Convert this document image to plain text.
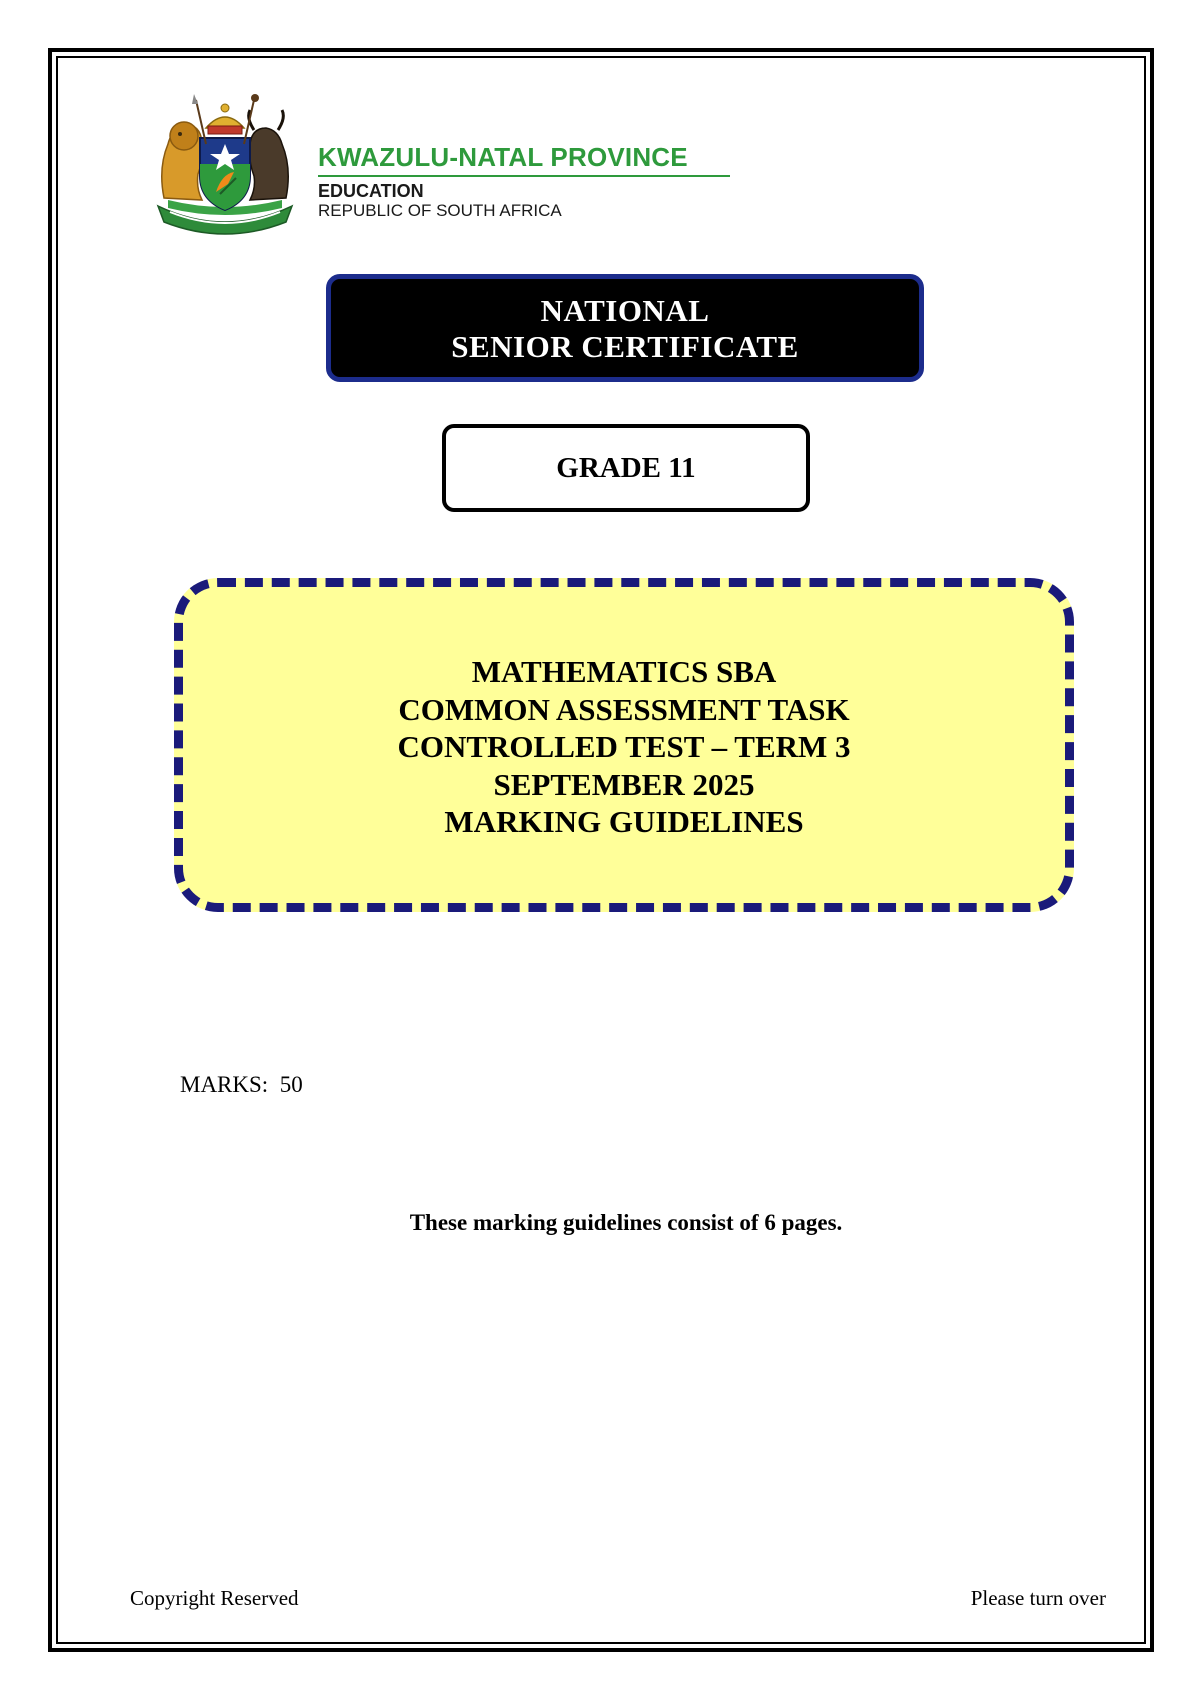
KWAZULU-NATAL PROVINCE
EDUCATION
REPUBLIC OF SOUTH AFRICA
NATIONAL
SENIOR CERTIFICATE
GRADE 11
MATHEMATICS SBA
COMMON ASSESSMENT TASK
CONTROLLED TEST – TERM 3
SEPTEMBER 2025
MARKING GUIDELINES
MARKS:  50
These marking guidelines consist of 6 pages.
Copyright Reserved	Please turn over
